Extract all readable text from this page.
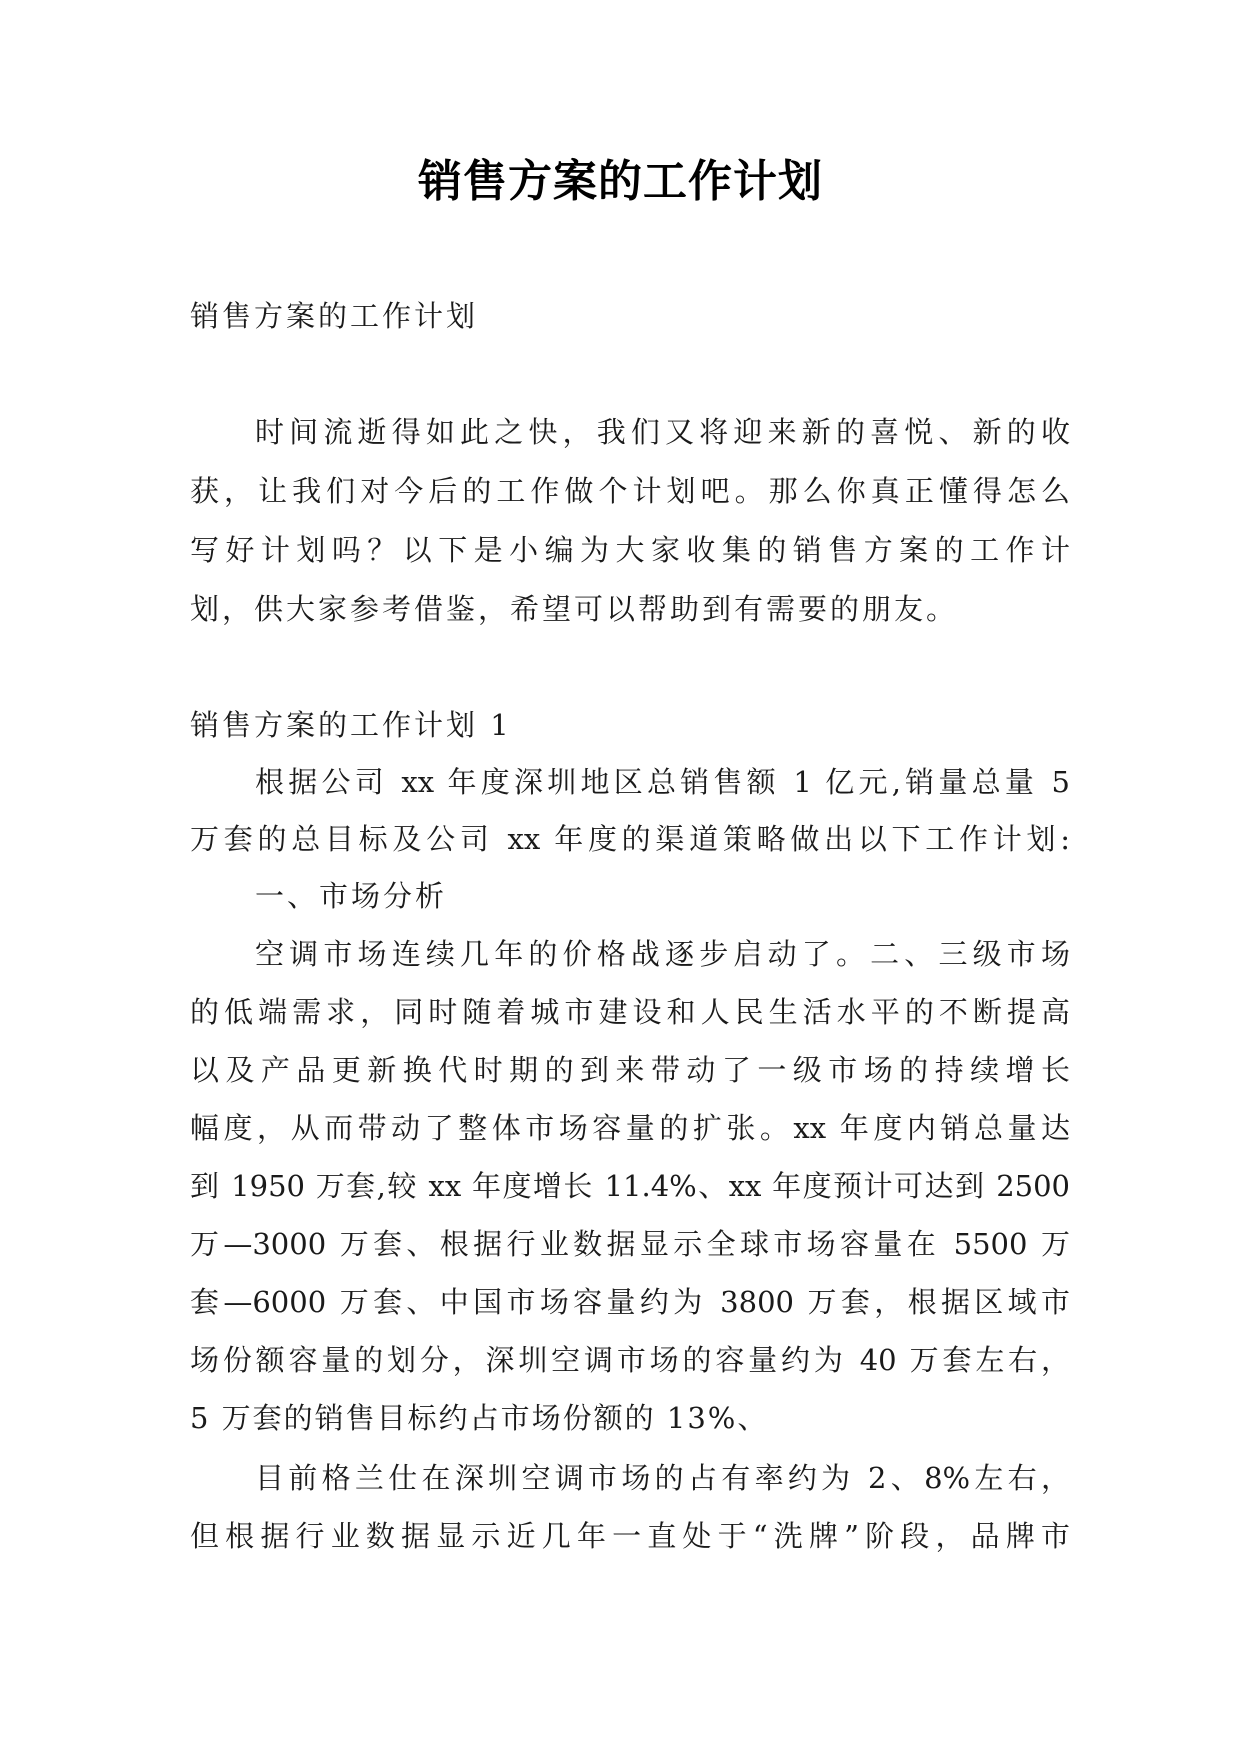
销售方案的工作计划
销售方案的工作计划
时间流逝得如此之快，我们又将迎来新的喜悦、新的收
获，让我们对今后的工作做个计划吧。那么你真正懂得怎么
写好计划吗？以下是小编为大家收集的销售方案的工作计
划，供大家参考借鉴，希望可以帮助到有需要的朋友。
销售方案的工作计划 1
根据公司 xx 年度深圳地区总销售额 1 亿元,销量总量 5
万套的总目标及公司 xx 年度的渠道策略做出以下工作计划:
一、市场分析
空调市场连续几年的价格战逐步启动了。二、三级市场
的低端需求，同时随着城市建设和人民生活水平的不断提高
以及产品更新换代时期的到来带动了一级市场的持续增长
幅度，从而带动了整体市场容量的扩张。xx 年度内销总量达
到 1950 万套,较 xx 年度增长 11.4%、xx 年度预计可达到 2500
万—3000 万套、根据行业数据显示全球市场容量在 5500 万
套—6000 万套、中国市场容量约为 3800 万套，根据区域市
场份额容量的划分，深圳空调市场的容量约为 40 万套左右，
5 万套的销售目标约占市场份额的 13%、
目前格兰仕在深圳空调市场的占有率约为 2、8%左右，
但根据行业数据显示近几年一直处于“洗牌”阶段，品牌市
